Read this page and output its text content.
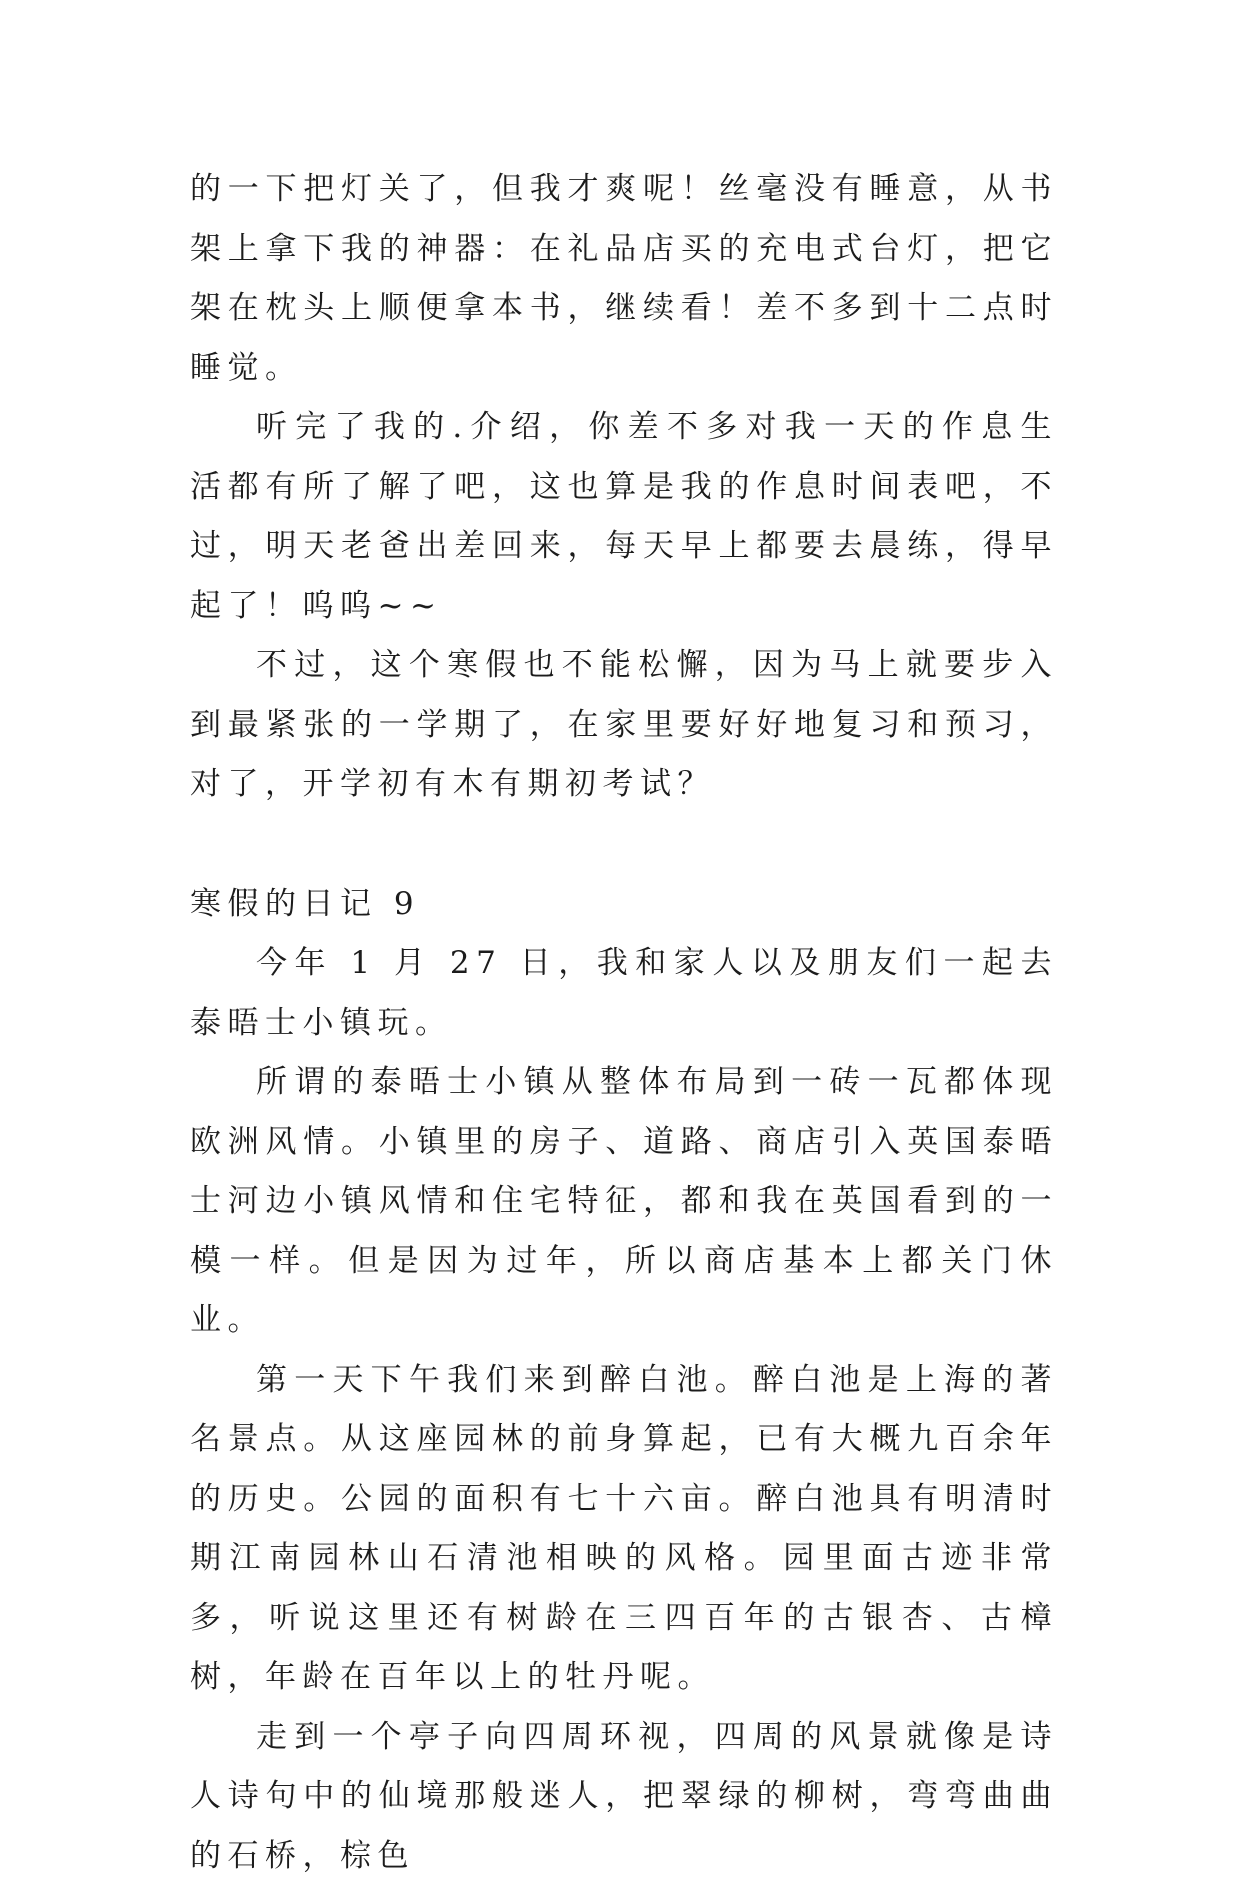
的一下把灯关了，但我才爽呢！丝毫没有睡意，从书架上拿下我的神器：在礼品店买的充电式台灯，把它架在枕头上顺便拿本书，继续看！差不多到十二点时睡觉。

听完了我的.介绍，你差不多对我一天的作息生活都有所了解了吧，这也算是我的作息时间表吧，不过，明天老爸出差回来，每天早上都要去晨练，得早起了！呜呜~~

不过，这个寒假也不能松懈，因为马上就要步入到最紧张的一学期了，在家里要好好地复习和预习，对了，开学初有木有期初考试？

寒假的日记 9

今年 1 月 27 日，我和家人以及朋友们一起去泰晤士小镇玩。

所谓的泰晤士小镇从整体布局到一砖一瓦都体现欧洲风情。小镇里的房子、道路、商店引入英国泰晤士河边小镇风情和住宅特征，都和我在英国看到的一模一样。但是因为过年，所以商店基本上都关门休业。

第一天下午我们来到醉白池。醉白池是上海的著名景点。从这座园林的前身算起，已有大概九百余年的历史。公园的面积有七十六亩。醉白池具有明清时期江南园林山石清池相映的风格。园里面古迹非常多，听说这里还有树龄在三四百年的古银杏、古樟树，年龄在百年以上的牡丹呢。

走到一个亭子向四周环视，四周的风景就像是诗人诗句中的仙境那般迷人，把翠绿的柳树，弯弯曲曲的石桥，棕色
